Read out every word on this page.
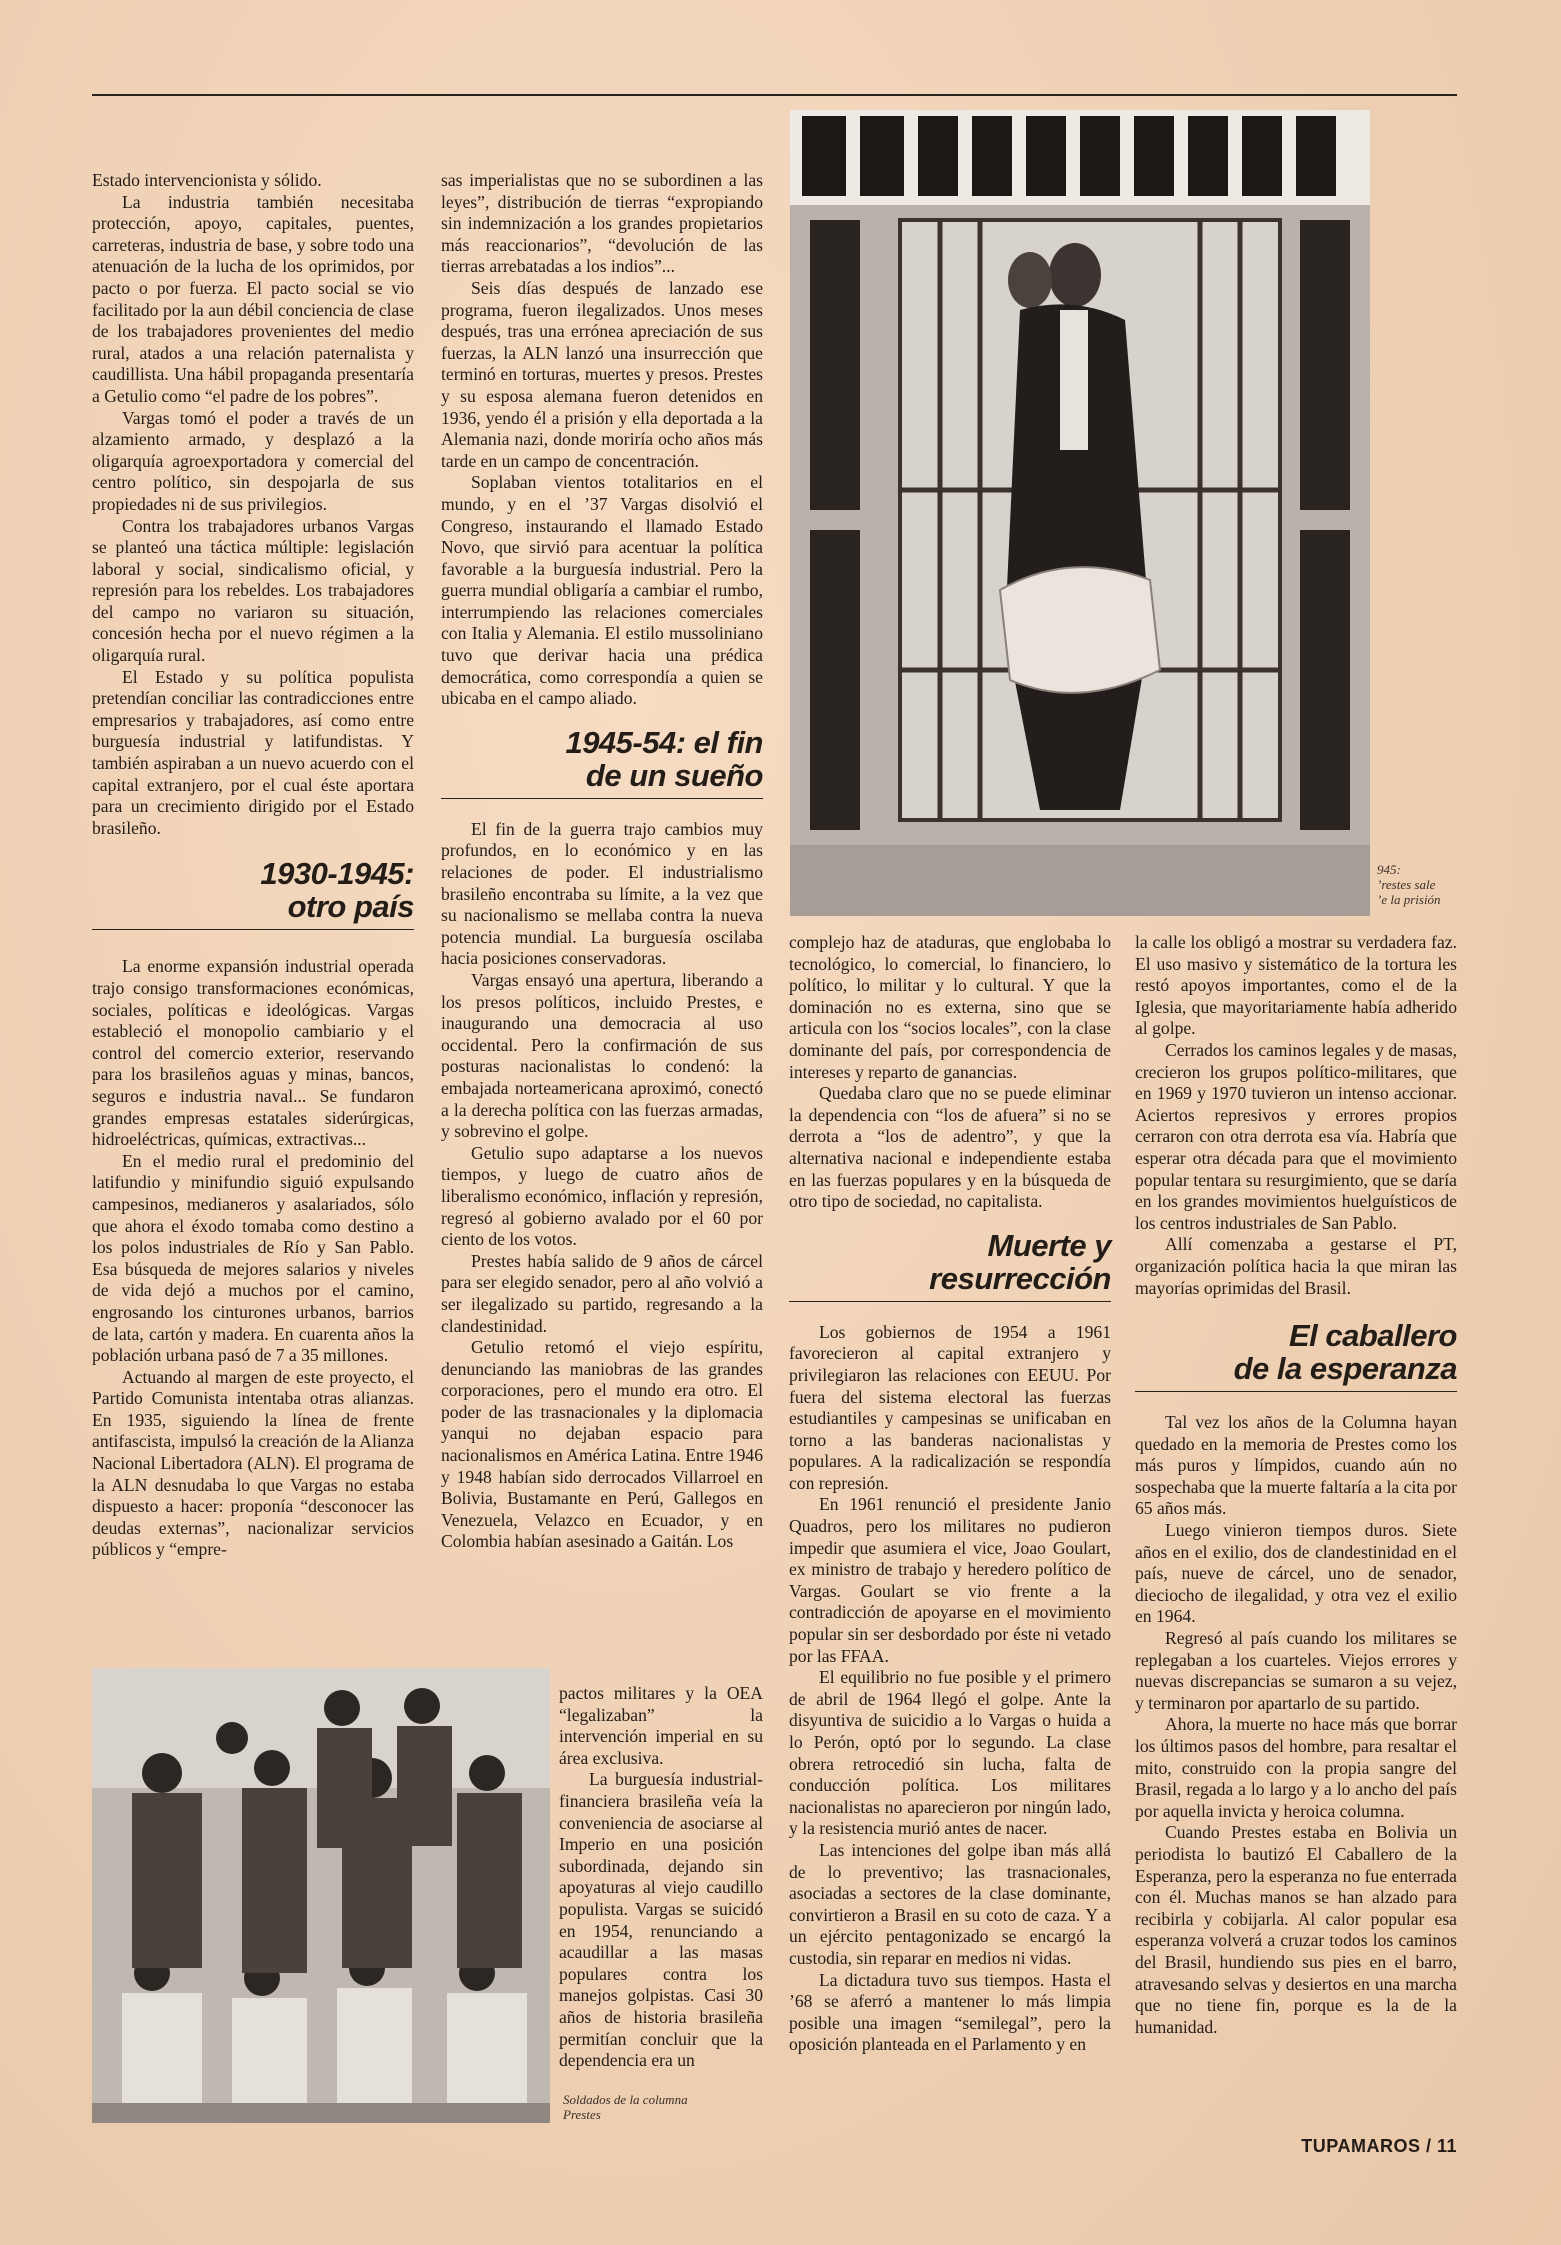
Estado intervencionista y sólido.

La industria también necesitaba protección, apoyo, capitales, puentes, carreteras, industria de base, y sobre todo una atenuación de la lucha de los oprimidos, por pacto o por fuerza. El pacto social se vio facilitado por la aun débil conciencia de clase de los trabajadores provenientes del medio rural, atados a una relación paternalista y caudillista. Una hábil propaganda presentaría a Getulio como “el padre de los pobres”.

Vargas tomó el poder a través de un alzamiento armado, y desplazó a la oligarquía agroexportadora y comercial del centro político, sin despojarla de sus propiedades ni de sus privilegios.

Contra los trabajadores urbanos Vargas se planteó una táctica múltiple: legislación laboral y social, sindicalismo oficial, y represión para los rebeldes. Los trabajadores del campo no variaron su situación, concesión hecha por el nuevo régimen a la oligarquía rural.

El Estado y su política populista pretendían conciliar las contradicciones entre empresarios y trabajadores, así como entre burguesía industrial y latifundistas. Y también aspiraban a un nuevo acuerdo con el capital extranjero, por el cual éste aportara para un crecimiento dirigido por el Estado brasileño.

1930-1945:
otro país

La enorme expansión industrial operada trajo consigo transformaciones económicas, sociales, políticas e ideológicas. Vargas estableció el monopolio cambiario y el control del comercio exterior, reservando para los brasileños aguas y minas, bancos, seguros e industria naval... Se fundaron grandes empresas estatales siderúrgicas, hidroeléctricas, químicas, extractivas...

En el medio rural el predominio del latifundio y minifundio siguió expulsando campesinos, medianeros y asalariados, sólo que ahora el éxodo tomaba como destino a los polos industriales de Río y San Pablo. Esa búsqueda de mejores salarios y niveles de vida dejó a muchos por el camino, engrosando los cinturones urbanos, barrios de lata, cartón y madera. En cuarenta años la población urbana pasó de 7 a 35 millones.

Actuando al margen de este proyecto, el Partido Comunista intentaba otras alianzas. En 1935, siguiendo la línea de frente antifascista, impulsó la creación de la Alianza Nacional Libertadora (ALN). El programa de la ALN desnudaba lo que Vargas no estaba dispuesto a hacer: proponía “desconocer las deudas externas”, nacionalizar servicios públicos y “empre-

sas imperialistas que no se subordinen a las leyes”, distribución de tierras “expropiando sin indemnización a los grandes propietarios más reaccionarios”, “devolución de las tierras arrebatadas a los indios”...

Seis días después de lanzado ese programa, fueron ilegalizados. Unos meses después, tras una errónea apreciación de sus fuerzas, la ALN lanzó una insurrección que terminó en torturas, muertes y presos. Prestes y su esposa alemana fueron detenidos en 1936, yendo él a prisión y ella deportada a la Alemania nazi, donde moriría ocho años más tarde en un campo de concentración.

Soplaban vientos totalitarios en el mundo, y en el ’37 Vargas disolvió el Congreso, instaurando el llamado Estado Novo, que sirvió para acentuar la política favorable a la burguesía industrial. Pero la guerra mundial obligaría a cambiar el rumbo, interrumpiendo las relaciones comerciales con Italia y Alemania. El estilo mussoliniano tuvo que derivar hacia una prédica democrática, como correspondía a quien se ubicaba en el campo aliado.

1945-54: el fin
de un sueño

El fin de la guerra trajo cambios muy profundos, en lo económico y en las relaciones de poder. El industrialismo brasileño encontraba su límite, a la vez que su nacionalismo se mellaba contra la nueva potencia mundial. La burguesía oscilaba hacia posiciones conservadoras.

Vargas ensayó una apertura, liberando a los presos políticos, incluido Prestes, e inaugurando una democracia al uso occidental. Pero la confirmación de sus posturas nacionalistas lo condenó: la embajada norteamericana aproximó, conectó a la derecha política con las fuerzas armadas, y sobrevino el golpe.

Getulio supo adaptarse a los nuevos tiempos, y luego de cuatro años de liberalismo económico, inflación y represión, regresó al gobierno avalado por el 60 por ciento de los votos.

Prestes había salido de 9 años de cárcel para ser elegido senador, pero al año volvió a ser ilegalizado su partido, regresando a la clandestinidad.

Getulio retomó el viejo espíritu, denunciando las maniobras de las grandes corporaciones, pero el mundo era otro. El poder de las trasnacionales y la diplomacia yanqui no dejaban espacio para nacionalismos en América Latina. Entre 1946 y 1948 habían sido derrocados Villarroel en Bolivia, Bustamante en Perú, Gallegos en Venezuela, Velazco en Ecuador, y en Colombia habían asesinado a Gaitán. Los

pactos militares y la OEA “legalizaban” la intervención imperial en su área exclusiva.

La burguesía industrial-financiera brasileña veía la conveniencia de asociarse al Imperio en una posición subordinada, dejando sin apoyaturas al viejo caudillo populista. Vargas se suicidó en 1954, renunciando a acaudillar a las masas populares contra los manejos golpistas. Casi 30 años de historia brasileña permitían concluir que la dependencia era un

945:
’restes sale
’e la prisión

complejo haz de ataduras, que englobaba lo tecnológico, lo comercial, lo financiero, lo político, lo militar y lo cultural. Y que la dominación no es externa, sino que se articula con los “socios locales”, con la clase dominante del país, por correspondencia de intereses y reparto de ganancias.

Quedaba claro que no se puede eliminar la dependencia con “los de afuera” si no se derrota a “los de adentro”, y que la alternativa nacional e independiente estaba en las fuerzas populares y en la búsqueda de otro tipo de sociedad, no capitalista.

Muerte y
resurrección

Los gobiernos de 1954 a 1961 favorecieron al capital extranjero y privilegiaron las relaciones con EEUU. Por fuera del sistema electoral las fuerzas estudiantiles y campesinas se unificaban en torno a las banderas nacionalistas y populares. A la radicalización se respondía con represión.

En 1961 renunció el presidente Janio Quadros, pero los militares no pudieron impedir que asumiera el vice, Joao Goulart, ex ministro de trabajo y heredero político de Vargas. Goulart se vio frente a la contradicción de apoyarse en el movimiento popular sin ser desbordado por éste ni vetado por las FFAA.

El equilibrio no fue posible y el primero de abril de 1964 llegó el golpe. Ante la disyuntiva de suicidio a lo Vargas o huida a lo Perón, optó por lo segundo. La clase obrera retrocedió sin lucha, falta de conducción política. Los militares nacionalistas no aparecieron por ningún lado, y la resistencia murió antes de nacer.

Las intenciones del golpe iban más allá de lo preventivo; las trasnacionales, asociadas a sectores de la clase dominante, convirtieron a Brasil en su coto de caza. Y a un ejército pentagonizado se encargó la custodia, sin reparar en medios ni vidas.

La dictadura tuvo sus tiempos. Hasta el ’68 se aferró a mantener lo más limpia posible una imagen “semilegal”, pero la oposición planteada en el Parlamento y en

la calle los obligó a mostrar su verdadera faz. El uso masivo y sistemático de la tortura les restó apoyos importantes, como el de la Iglesia, que mayoritariamente había adherido al golpe.

Cerrados los caminos legales y de masas, crecieron los grupos político-militares, que en 1969 y 1970 tuvieron un intenso accionar. Aciertos represivos y errores propios cerraron con otra derrota esa vía. Habría que esperar otra década para que el movimiento popular tentara su resurgimiento, que se daría en los grandes movimientos huelguísticos de los centros industriales de San Pablo.

Allí comenzaba a gestarse el PT, organización política hacia la que miran las mayorías oprimidas del Brasil.

El caballero
de la esperanza

Tal vez los años de la Columna hayan quedado en la memoria de Prestes como los más puros y límpidos, cuando aún no sospechaba que la muerte faltaría a la cita por 65 años más.

Luego vinieron tiempos duros. Siete años en el exilio, dos de clandestinidad en el país, nueve de cárcel, uno de senador, dieciocho de ilegalidad, y otra vez el exilio en 1964.

Regresó al país cuando los militares se replegaban a los cuarteles. Viejos errores y nuevas discrepancias se sumaron a su vejez, y terminaron por apartarlo de su partido.

Ahora, la muerte no hace más que borrar los últimos pasos del hombre, para resaltar el mito, construido con la propia sangre del Brasil, regada a lo largo y a lo ancho del país por aquella invicta y heroica columna.

Cuando Prestes estaba en Bolivia un periodista lo bautizó El Caballero de la Esperanza, pero la esperanza no fue enterrada con él. Muchas manos se han alzado para recibirla y cobijarla. Al calor popular esa esperanza volverá a cruzar todos los caminos del Brasil, hundiendo sus pies en el barro, atravesando selvas y desiertos en una marcha que no tiene fin, porque es la de la humanidad.

Soldados de la columna
Prestes
TUPAMAROS / 11
